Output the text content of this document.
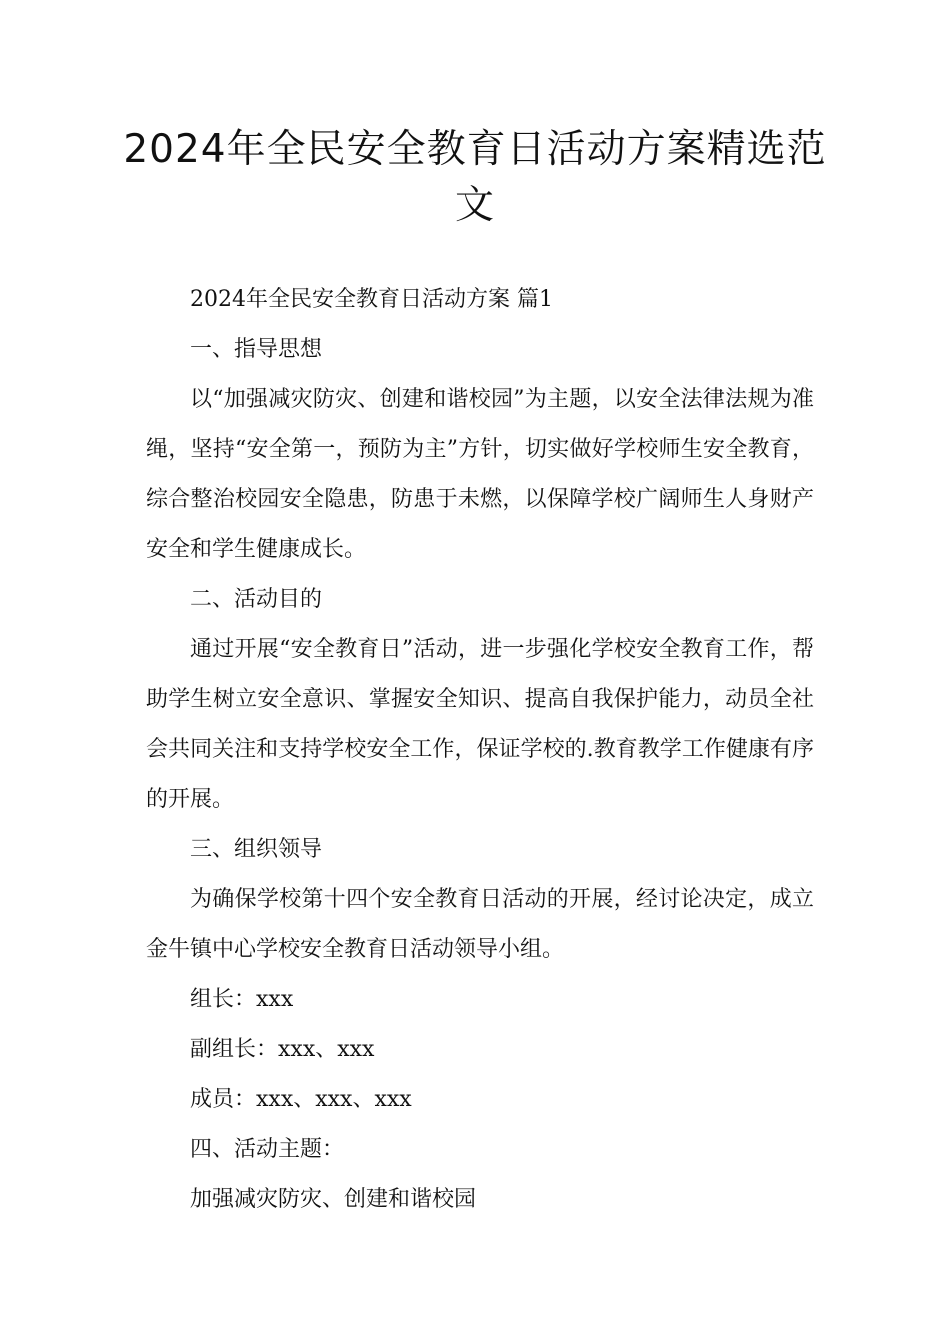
2024年全民安全教育日活动方案精选范文

2024年全民安全教育日活动方案 篇1

一、指导思想

以“加强减灾防灾、创建和谐校园”为主题，以安全法律法规为准绳，坚持“安全第一，预防为主”方针，切实做好学校师生安全教育，综合整治校园安全隐患，防患于未燃，以保障学校广阔师生人身财产安全和学生健康成长。

二、活动目的

通过开展“安全教育日”活动，进一步强化学校安全教育工作，帮助学生树立安全意识、掌握安全知识、提高自我保护能力，动员全社会共同关注和支持学校安全工作，保证学校的.教育教学工作健康有序的开展。

三、组织领导

为确保学校第十四个安全教育日活动的开展，经讨论决定，成立金牛镇中心学校安全教育日活动领导小组。

组长：xxx

副组长：xxx、xxx

成员：xxx、xxx、xxx

四、活动主题：

加强减灾防灾、创建和谐校园
